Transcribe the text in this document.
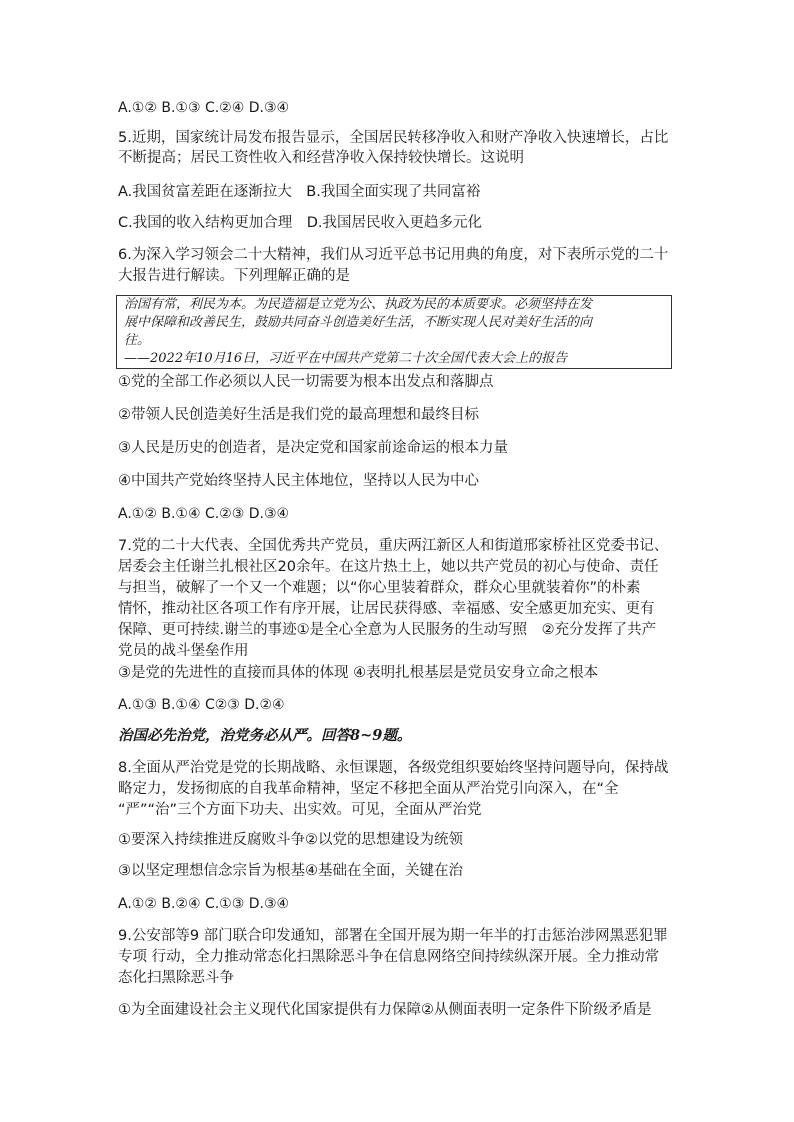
A.①② B.①③ C.②④ D.③④
5.近期，国家统计局发布报告显示，全国居民转移净收入和财产净收入快速增长，占比
不断提高；居民工资性收入和经营净收入保持较快增长。这说明
A.我国贫富差距在逐渐拉大　B.我国全面实现了共同富裕
C.我国的收入结构更加合理　D.我国居民收入更趋多元化
6.为深入学习领会二十大精神，我们从习近平总书记用典的角度，对下表所示党的二十
大报告进行解读。下列理解正确的是
治国有常，利民为本。为民造福是立党为公、执政为民的本质要求。必须坚持在发
展中保障和改善民生，鼓励共同奋斗创造美好生活，不断实现人民对美好生活的向
往。
——2022年10月16日，习近平在中国共产党第二十次全国代表大会上的报告
①党的全部工作必须以人民一切需要为根本出发点和落脚点
②带领人民创造美好生活是我们党的最高理想和最终目标
③人民是历史的创造者，是决定党和国家前途命运的根本力量
④中国共产党始终坚持人民主体地位，坚持以人民为中心
A.①② B.①④ C.②③ D.③④
7.党的二十大代表、全国优秀共产党员，重庆两江新区人和街道邢家桥社区党委书记、
居委会主任谢兰扎根社区20余年。在这片热土上，她以共产党员的初心与使命、责任
与担当，破解了一个又一个难题；以“你心里装着群众，群众心里就装着你”的朴素
情怀，推动社区各项工作有序开展，让居民获得感、幸福感、安全感更加充实、更有
保障、更可持续.谢兰的事迹①是全心全意为人民服务的生动写照　②充分发挥了共产
党员的战斗堡垒作用
③是党的先进性的直接而具体的体现 ④表明扎根基层是党员安身立命之根本
A.①③ B.①④ C②③ D.②④
治国必先治党，治党务必从严。回答8~9题。
8.全面从严治党是党的长期战略、永恒课题，各级党组织要始终坚持问题导向，保持战
略定力，发扬彻底的自我革命精神，坚定不移把全面从严治党引向深入，在“全
“严”“治”三个方面下功夫、出实效。可见，全面从严治党
①要深入持续推进反腐败斗争②以党的思想建设为统领
③以坚定理想信念宗旨为根基④基础在全面，关键在治
A.①② B.②④ C.①③ D.③④
9.公安部等9 部门联合印发通知，部署在全国开展为期一年半的打击惩治涉网黑恶犯罪
专项 行动，全力推动常态化扫黑除恶斗争在信息网络空间持续纵深开展。全力推动常
态化扫黑除恶斗争
①为全面建设社会主义现代化国家提供有力保障②从侧面表明一定条件下阶级矛盾是
